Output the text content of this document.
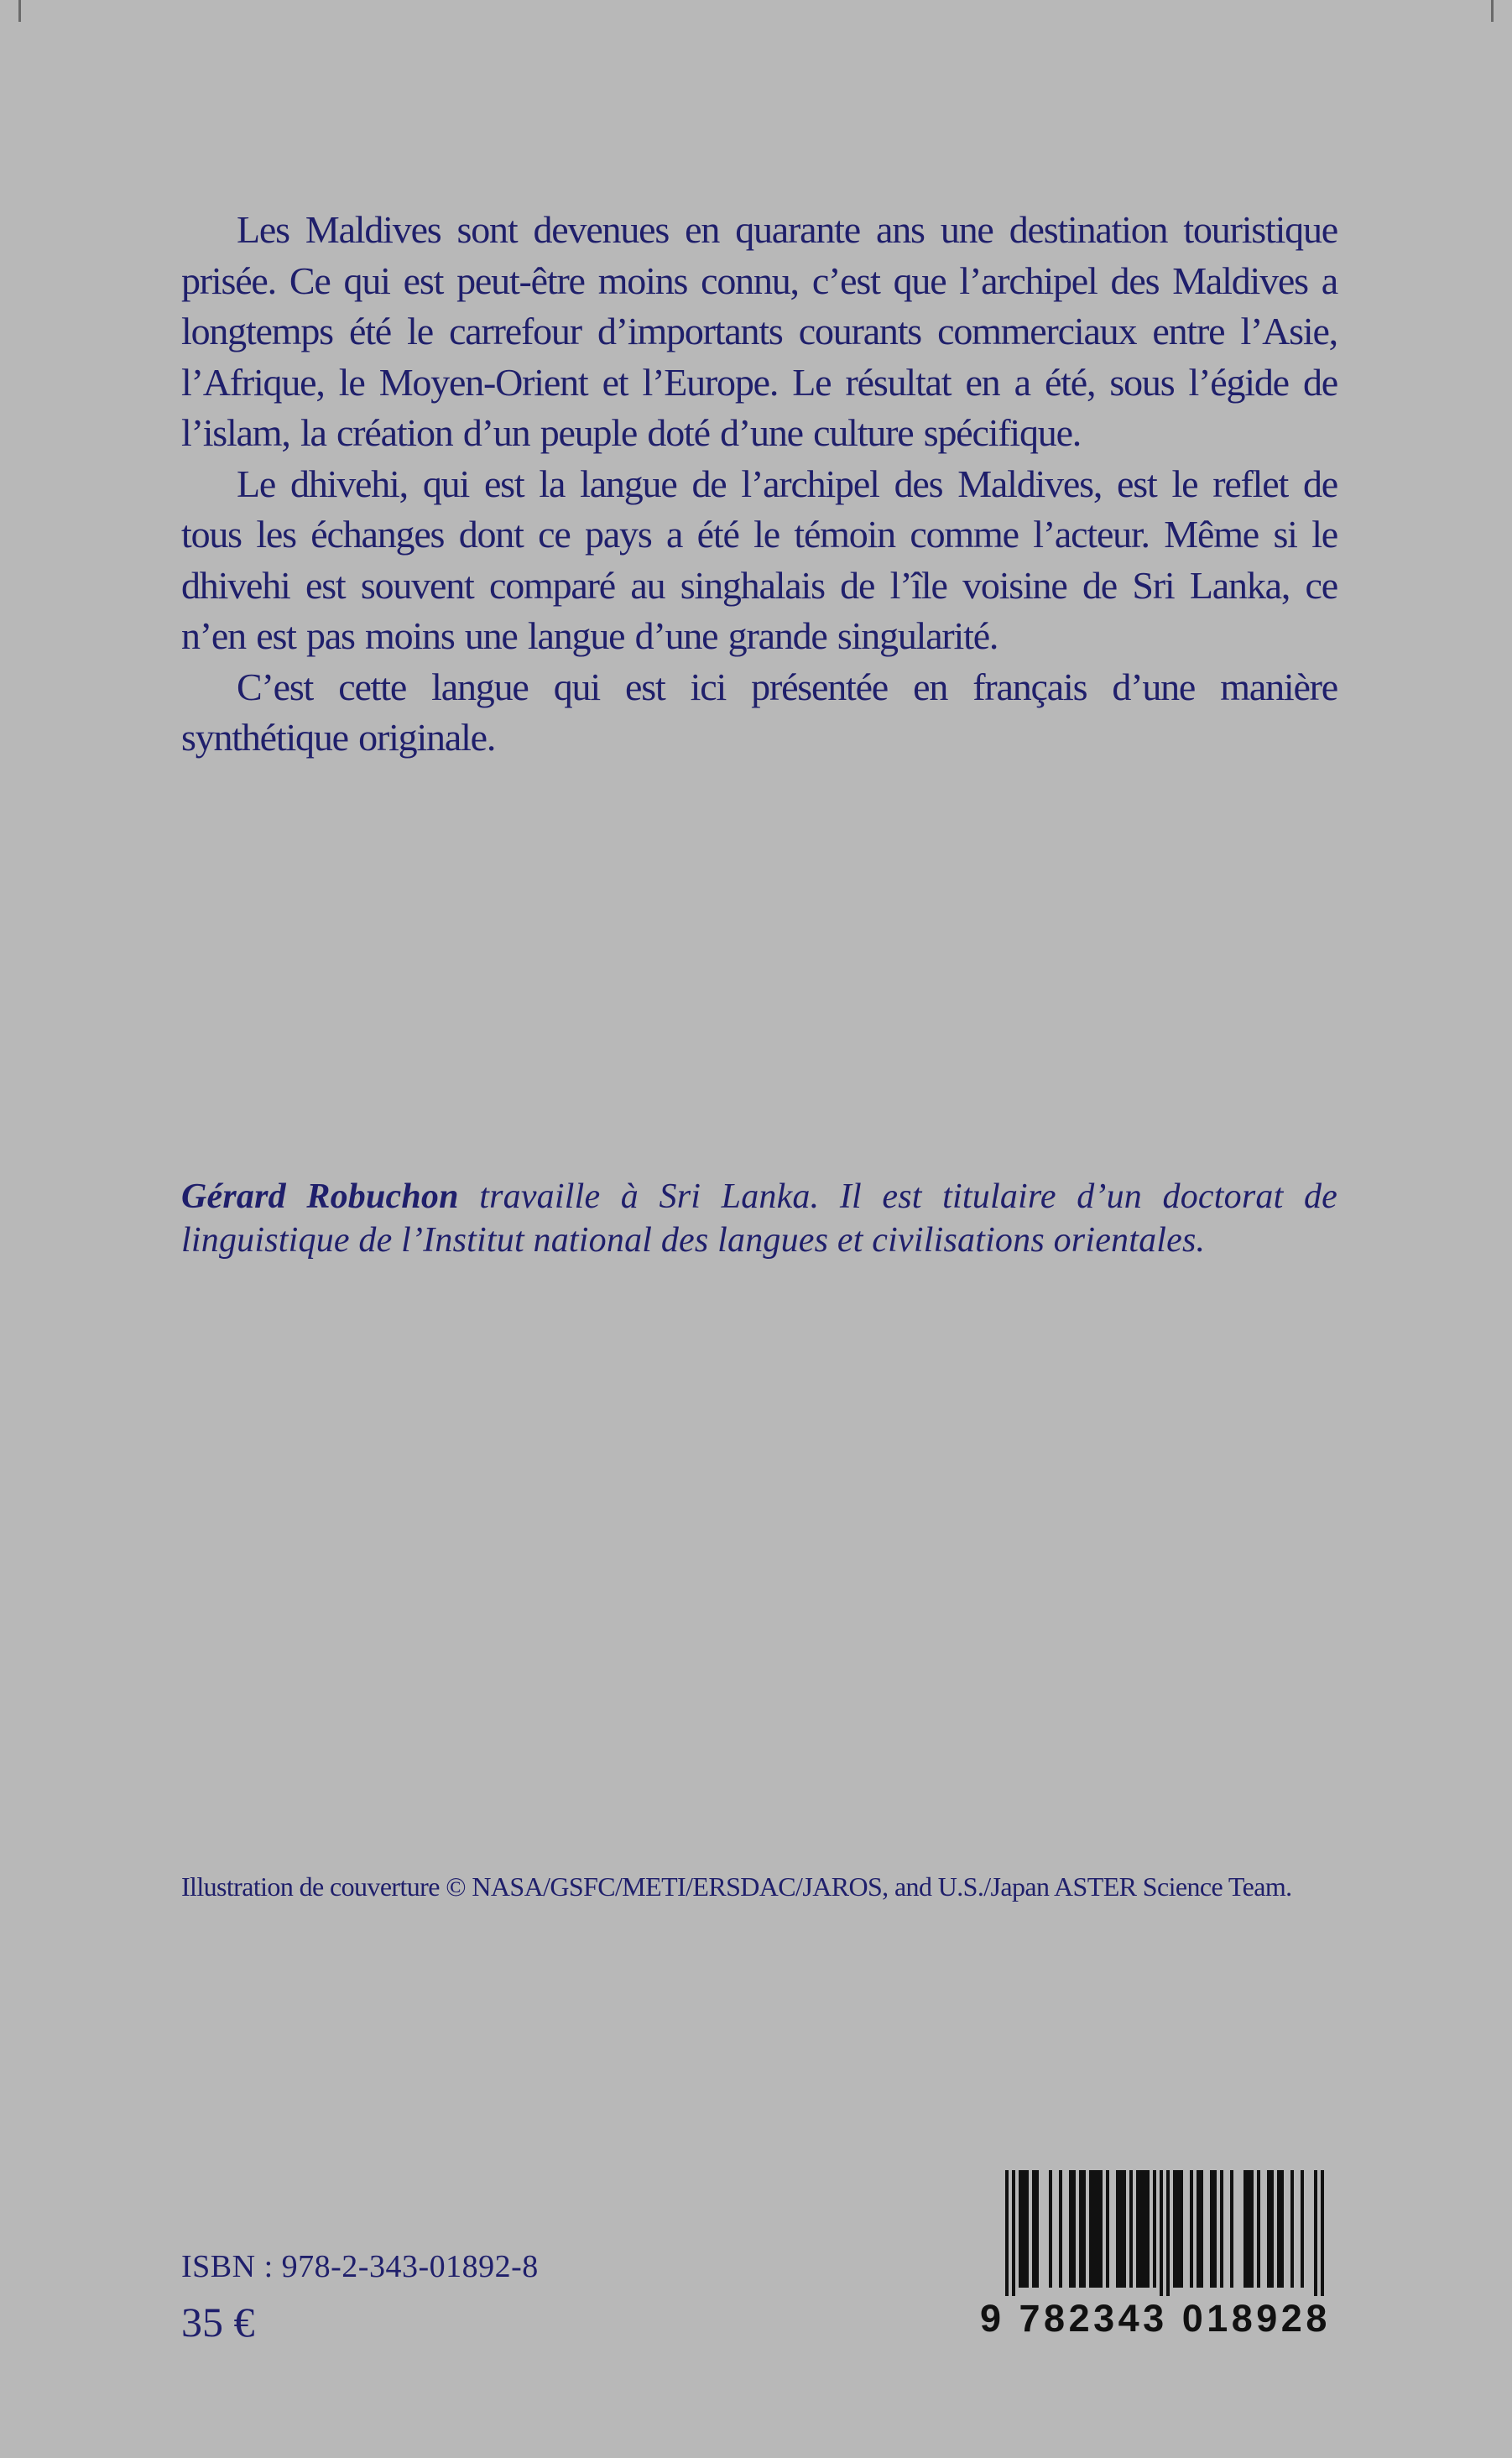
Les Maldives sont devenues en quarante ans une destination touristique prisée. Ce qui est peut-être moins connu, c’est que l’archipel des Maldives a longtemps été le carrefour d’importants courants commerciaux entre l’Asie, l’Afrique, le Moyen-Orient et l’Europe. Le résultat en a été, sous l’égide de l’islam, la création d’un peuple doté d’une culture spécifique.

Le dhivehi, qui est la langue de l’archipel des Maldives, est le reflet de tous les échanges dont ce pays a été le témoin comme l’acteur. Même si le dhivehi est souvent comparé au singhalais de l’île voisine de Sri Lanka, ce n’en est pas moins une langue d’une grande singularité.

C’est cette langue qui est ici présentée en français d’une manière synthétique originale.

Gérard Robuchon travaille à Sri Lanka. Il est titulaire d’un doctorat de linguistique de l’Institut national des langues et civilisations orientales.

Illustration de couverture © NASA/GSFC/METI/ERSDAC/JAROS, and U.S./Japan ASTER Science Team.

ISBN : 978-2-343-01892-8
35 €	9 782343 018928
